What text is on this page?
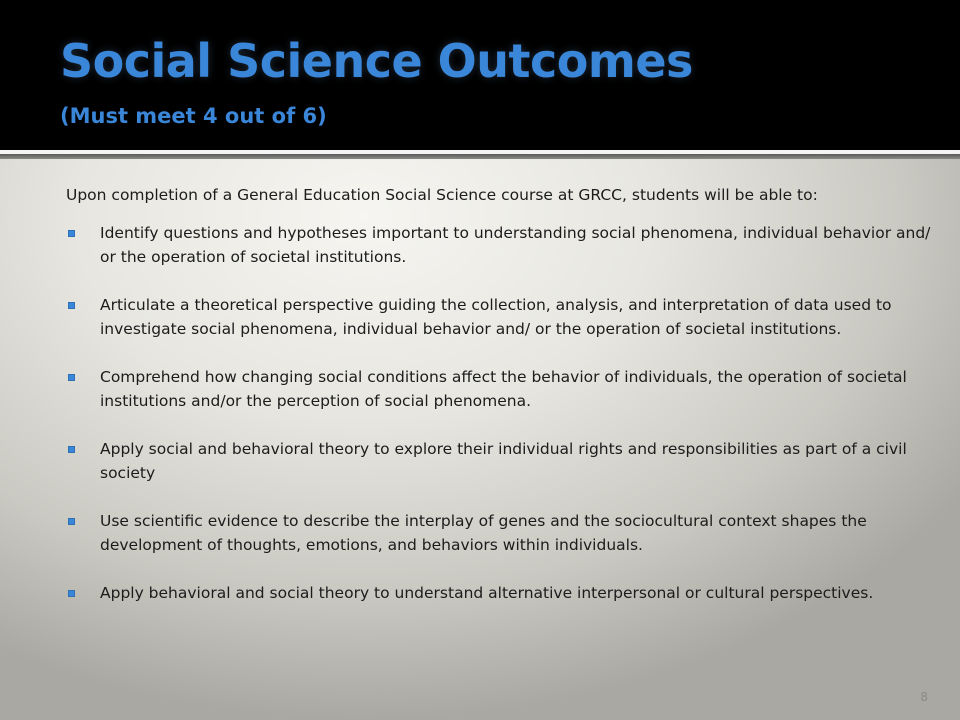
Social Science Outcomes
(Must meet 4 out of 6)

Upon completion of a General Education Social Science course at GRCC, students will be able to:

Identify questions and hypotheses important to understanding social phenomena, individual behavior and/ or the operation of societal institutions.
Articulate a theoretical perspective guiding the collection, analysis, and interpretation of data used to investigate social phenomena, individual behavior and/ or the operation of societal institutions.
Comprehend how changing social conditions affect the behavior of individuals, the operation of societal institutions and/or the perception of social phenomena.
Apply social and behavioral theory to explore their individual rights and responsibilities as part of a civil society
Use scientific evidence to describe the interplay of genes and the sociocultural context shapes the development of thoughts, emotions, and behaviors within individuals.
Apply behavioral and social theory to understand alternative interpersonal or cultural perspectives.
8
